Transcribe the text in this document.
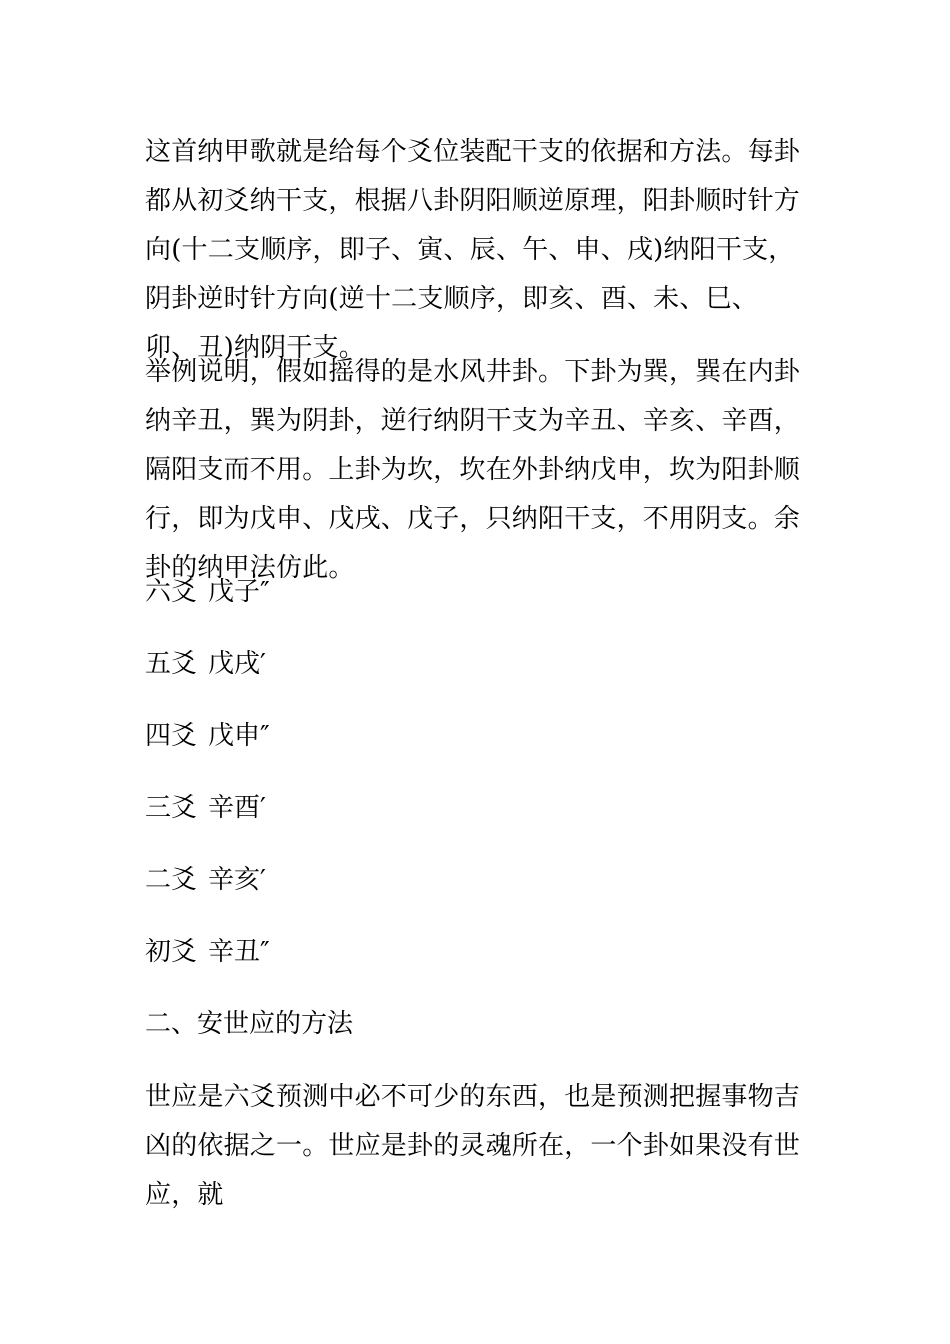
这首纳甲歌就是给每个爻位装配干支的依据和方法。每卦都从初爻纳干支，根据八卦阴阳顺逆原理，阳卦顺时针方向(十二支顺序，即子、寅、辰、午、申、戌)纳阳干支，阴卦逆时针方向(逆十二支顺序，即亥、酉、未、巳、卯、丑)纳阴干支。

举例说明，假如摇得的是水风井卦。下卦为巽，巽在内卦纳辛丑，巽为阴卦，逆行纳阴干支为辛丑、辛亥、辛酉，隔阳支而不用。上卦为坎，坎在外卦纳戊申，坎为阳卦顺行，即为戊申、戊戌、戊子，只纳阳干支，不用阴支。余卦的纳甲法仿此。

六爻 戊子″
五爻 戊戌′
四爻 戊申″
三爻 辛酉′
二爻 辛亥′
初爻 辛丑″
二、安世应的方法

世应是六爻预测中必不可少的东西，也是预测把握事物吉凶的依据之一。世应是卦的灵魂所在，一个卦如果没有世应，就
